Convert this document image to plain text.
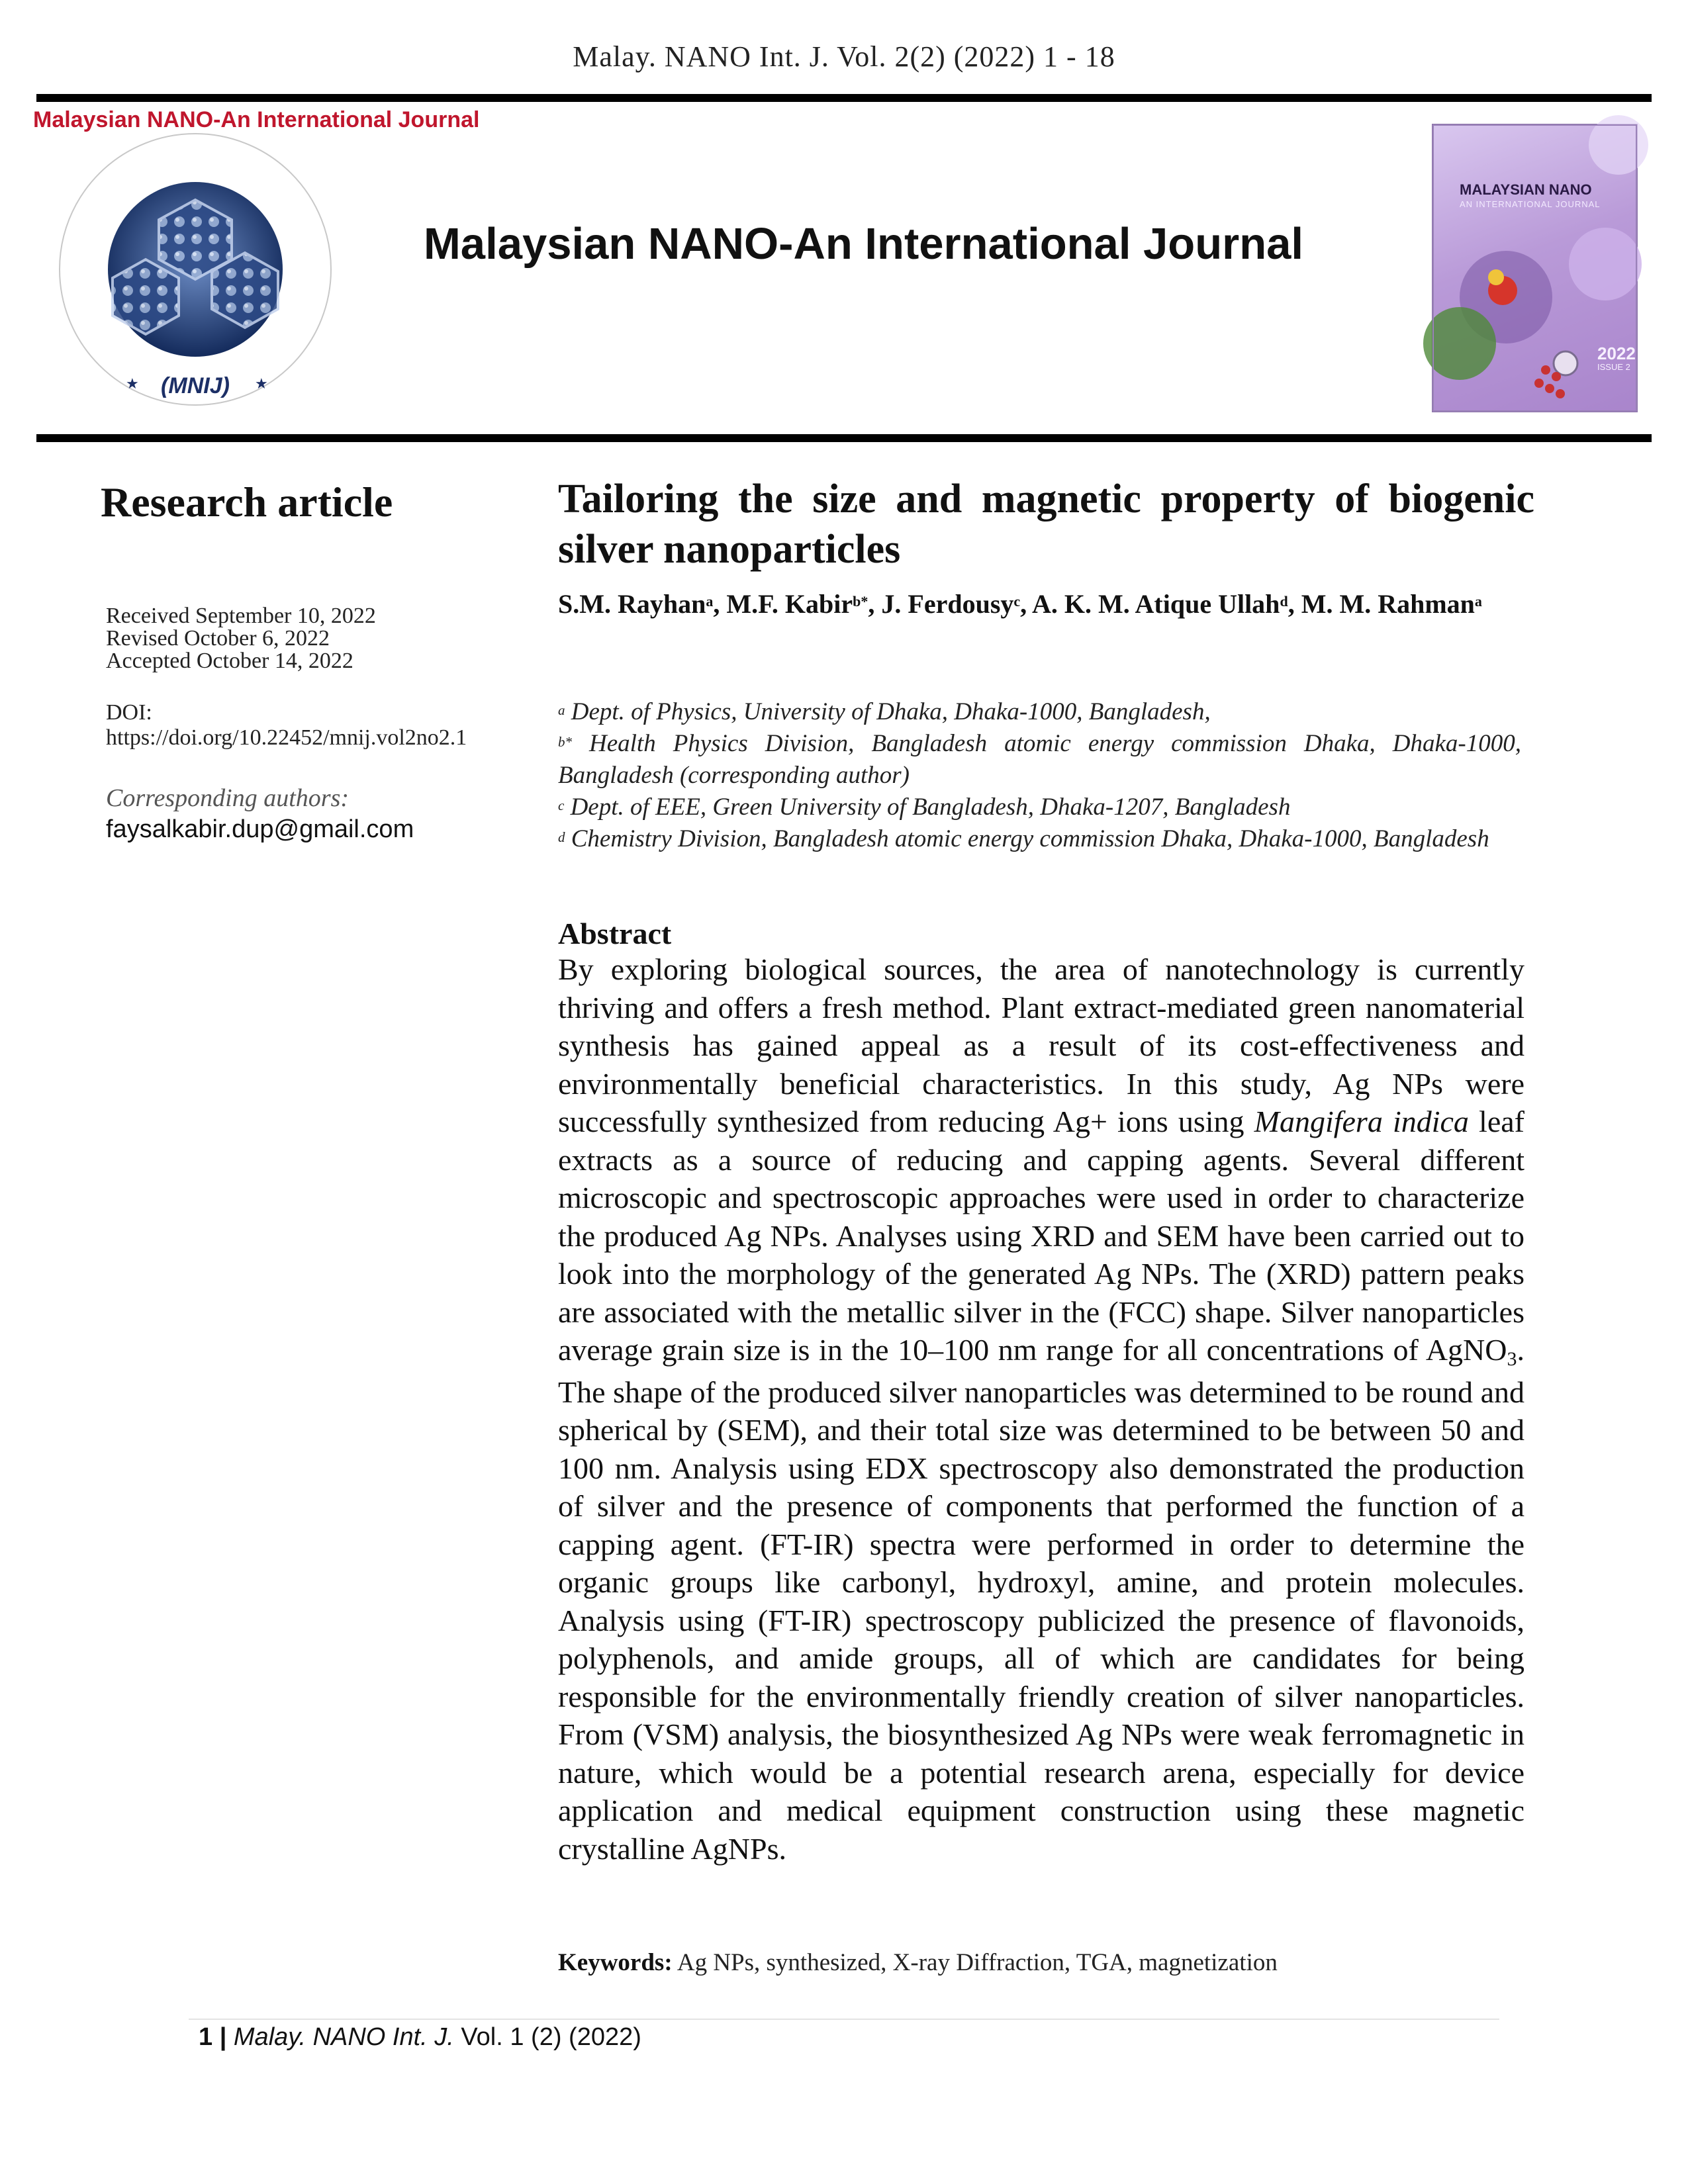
Malay. NANO Int. J. Vol. 2(2) (2022) 1 - 18
Malaysian NANO-An International Journal
(MNIJ)
★	★
Malaysian NANO-An International Journal
MALAYSIAN NANO
AN INTERNATIONAL JOURNAL
2022
ISSUE 2
Research article
Received September 10, 2022
Revised October 6, 2022
Accepted October 14, 2022
DOI:
https://doi.org/10.22452/mnij.vol2no2.1
Corresponding authors:
faysalkabir.dup@gmail.com
Tailoring the size and magnetic property of biogenic silver nanoparticles
S.M. Rayhan$^a$, M.F. Kabir$^{b*}$, J. Ferdousy$^c$, A. K. M. Atique Ullah$^d$, M. M. Rahman$^a$
$^a$ Dept. of Physics, University of Dhaka, Dhaka-1000, Bangladesh,
$^{b*}$ Health Physics Division, Bangladesh atomic energy commission Dhaka, Dhaka-1000, Bangladesh (corresponding author)
$^c$ Dept. of EEE, Green University of Bangladesh, Dhaka-1207, Bangladesh
$^d$ Chemistry Division, Bangladesh atomic energy commission Dhaka, Dhaka-1000, Bangladesh
Abstract
By exploring biological sources, the area of nanotechnology is currently thriving and offers a fresh method. Plant extract-mediated green nanomaterial synthesis has gained appeal as a result of its cost-effectiveness and environmentally beneficial characteristics. In this study, Ag NPs were successfully synthesized from reducing Ag+ ions using Mangifera indica leaf extracts as a source of reducing and capping agents. Several different microscopic and spectroscopic approaches were used in order to characterize the produced Ag NPs. Analyses using XRD and SEM have been carried out to look into the morphology of the generated Ag NPs. The (XRD) pattern peaks are associated with the metallic silver in the (FCC) shape. Silver nanoparticles average grain size is in the 10–100 nm range for all concentrations of AgNO$_3$. The shape of the produced silver nanoparticles was determined to be round and spherical by (SEM), and their total size was determined to be between 50 and 100 nm. Analysis using EDX spectroscopy also demonstrated the production of silver and the presence of components that performed the function of a capping agent. (FT-IR) spectra were performed in order to determine the organic groups like carbonyl, hydroxyl, amine, and protein molecules. Analysis using (FT-IR) spectroscopy publicized the presence of flavonoids, polyphenols, and amide groups, all of which are candidates for being responsible for the environmentally friendly creation of silver nanoparticles. From (VSM) analysis, the biosynthesized Ag NPs were weak ferromagnetic in nature, which would be a potential research arena, especially for device application and medical equipment construction using these magnetic crystalline AgNPs.
Keywords: Ag NPs, synthesized, X-ray Diffraction, TGA, magnetization
1 | Malay. NANO Int. J. Vol. 1 (2) (2022)
